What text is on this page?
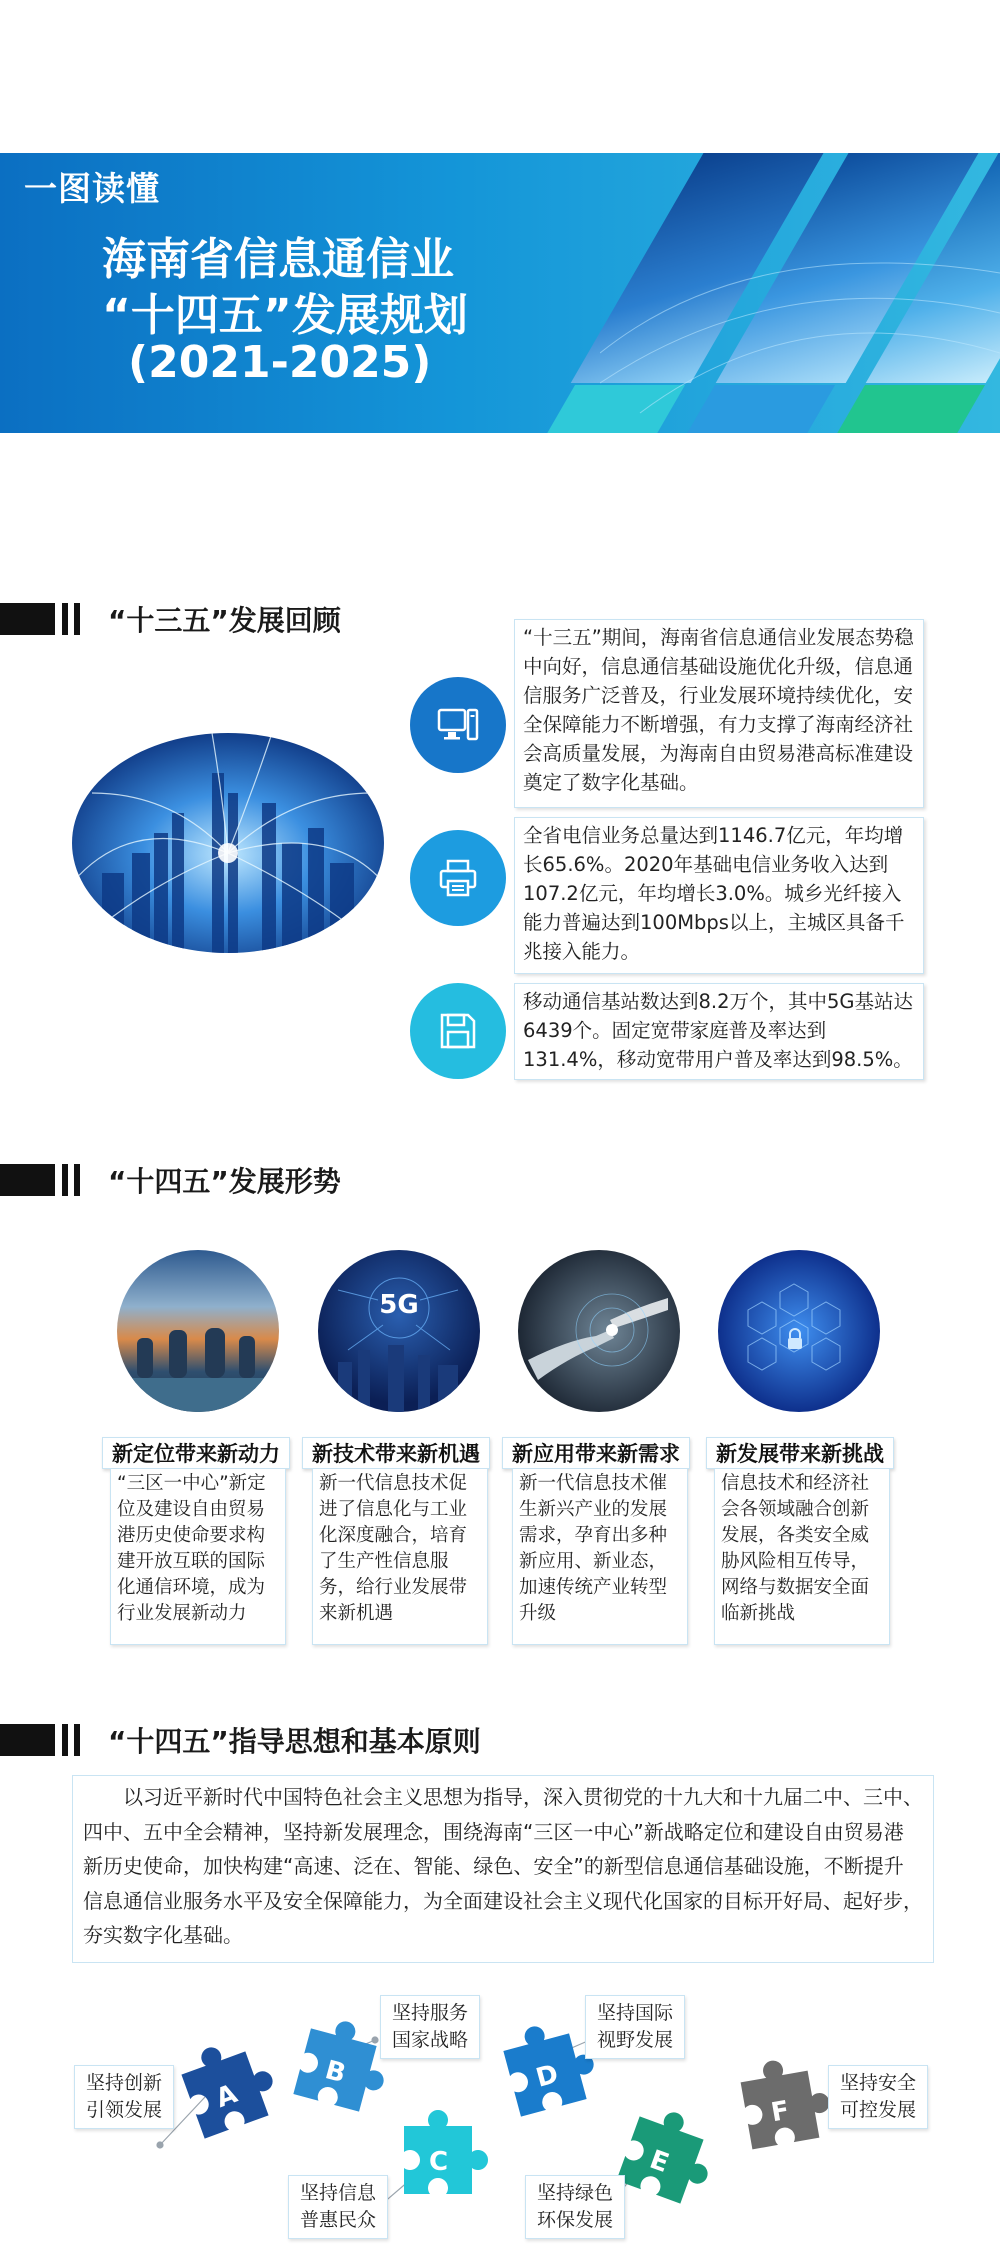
一图读懂
海南省信息通信业
“十四五”发展规划
(2021-2025)
“十三五”发展回顾
“十三五”期间，海南省信息通信业发展态势稳中向好，信息通信基础设施优化升级，信息通信服务广泛普及，行业发展环境持续优化，安全保障能力不断增强，有力支撑了海南经济社会高质量发展，为海南自由贸易港高标准建设奠定了数字化基础。
全省电信业务总量达到1146.7亿元，年均增长65.6%。2020年基础电信业务收入达到107.2亿元，年均增长3.0%。城乡光纤接入能力普遍达到100Mbps以上，主城区具备千兆接入能力。
移动通信基站数达到8.2万个，其中5G基站达6439个。固定宽带家庭普及率达到131.4%，移动宽带用户普及率达到98.5%。
“十四五”发展形势
5G
新定位带来新动力
“三区一中心”新定位及建设自由贸易港历史使命要求构建开放互联的国际化通信环境，成为行业发展新动力
新技术带来新机遇
新一代信息技术促进了信息化与工业化深度融合，培育了生产性信息服务，给行业发展带来新机遇
新应用带来新需求
新一代信息技术催生新兴产业的发展需求，孕育出多种新应用、新业态，加速传统产业转型升级
新发展带来新挑战
信息技术和经济社会各领域融合创新发展，各类安全威胁风险相互传导，网络与数据安全面临新挑战
“十四五”指导思想和基本原则
以习近平新时代中国特色社会主义思想为指导，深入贯彻党的十九大和十九届二中、三中、四中、五中全会精神，坚持新发展理念，围绕海南“三区一中心”新战略定位和建设自由贸易港新历史使命，加快构建“高速、泛在、智能、绿色、安全”的新型信息通信基础设施，不断提升信息通信业服务水平及安全保障能力，为全面建设社会主义现代化国家的目标开好局、起好步，夯实数字化基础。
A
B
C
D
E
F
坚持创新引领发展
坚持服务国家战略
坚持信息普惠民众
坚持国际视野发展
坚持绿色环保发展
坚持安全可控发展
